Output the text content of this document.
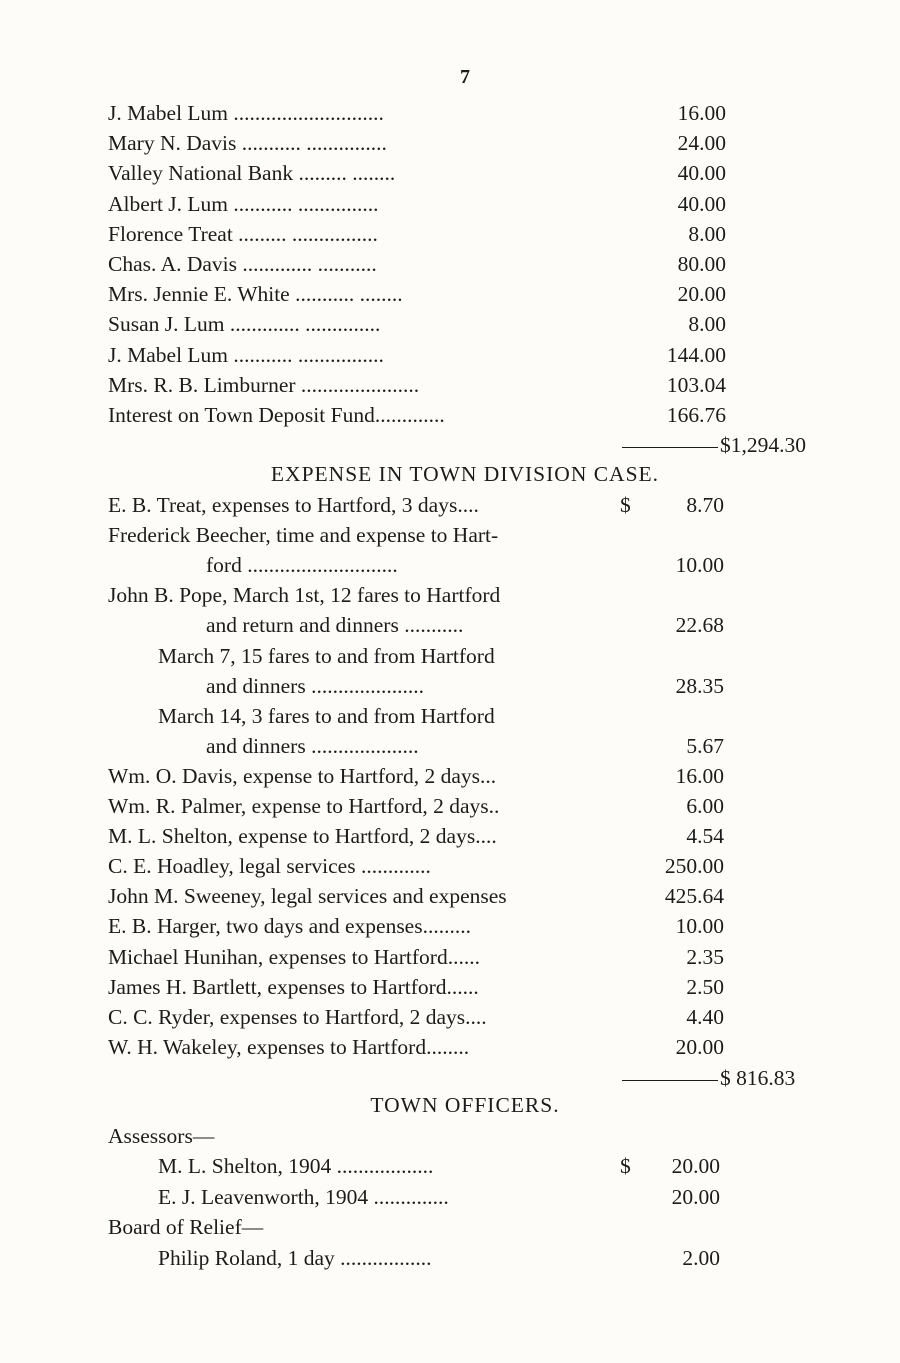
7
J. Mabel Lum ............................	16.00
Mary N. Davis ........... ...............	24.00
Valley National Bank ......... ........	40.00
Albert J. Lum ........... ...............	40.00
Florence Treat ......... ................	8.00
Chas. A. Davis ............. ...........	80.00
Mrs. Jennie E. White ........... ........	20.00
Susan J. Lum ............. ..............	8.00
J. Mabel Lum ........... ................	144.00
Mrs. R. B. Limburner ......................	103.04
Interest on Town Deposit Fund.............	166.76
$1,294.30
EXPENSE IN TOWN DIVISION CASE.
E. B. Treat, expenses to Hartford, 3 days....	$	8.70
Frederick Beecher, time and expense to Hart-
ford ............................	10.00
John B. Pope, March 1st, 12 fares to Hartford
and return and dinners ...........	22.68
March 7, 15 fares to and from Hartford
and dinners .....................	28.35
March 14, 3 fares to and from Hartford
and dinners ....................	5.67
Wm. O. Davis, expense to Hartford, 2 days...	16.00
Wm. R. Palmer, expense to Hartford, 2 days..	6.00
M. L. Shelton, expense to Hartford, 2 days....	4.54
C. E. Hoadley, legal services .............	250.00
John M. Sweeney, legal services and expenses	425.64
E. B. Harger, two days and expenses.........	10.00
Michael Hunihan, expenses to Hartford......	2.35
James H. Bartlett, expenses to Hartford......	2.50
C. C. Ryder, expenses to Hartford, 2 days....	4.40
W. H. Wakeley, expenses to Hartford........	20.00
$ 816.83
TOWN OFFICERS.
Assessors—
M. L. Shelton, 1904 ..................	$ 20.00
E. J. Leavenworth, 1904 ..............	20.00
Board of Relief—
Philip Roland, 1 day .................	2.00
